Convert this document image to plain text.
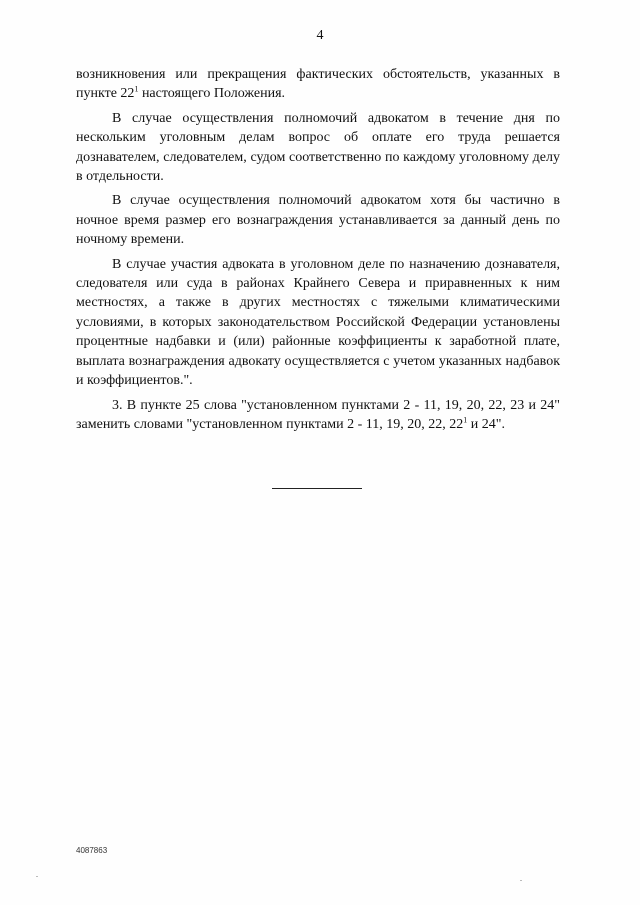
4

возникновения или прекращения фактических обстоятельств, указанных в пункте $22^1$ настоящего Положения.

В случае осуществления полномочий адвокатом в течение дня по нескольким уголовным делам вопрос об оплате его труда решается дознавателем, следователем, судом соответственно по каждому уголовному делу в отдельности.

В случае осуществления полномочий адвокатом хотя бы частично в ночное время размер его вознаграждения устанавливается за данный день по ночному времени.

В случае участия адвоката в уголовном деле по назначению дознавателя, следователя или суда в районах Крайнего Севера и приравненных к ним местностях, а также в других местностях с тяжелыми климатическими условиями, в которых законодательством Российской Федерации установлены процентные надбавки и (или) районные коэффициенты к заработной плате, выплата вознаграждения адвокату осуществляется с учетом указанных надбавок и коэффициентов.".

3. В пункте 25 слова "установленном пунктами 2 - 11, 19, 20, 22, 23 и 24" заменить словами "установленном пунктами 2 - 11, 19, 20, 22, $22^1$ и 24".

4087863
